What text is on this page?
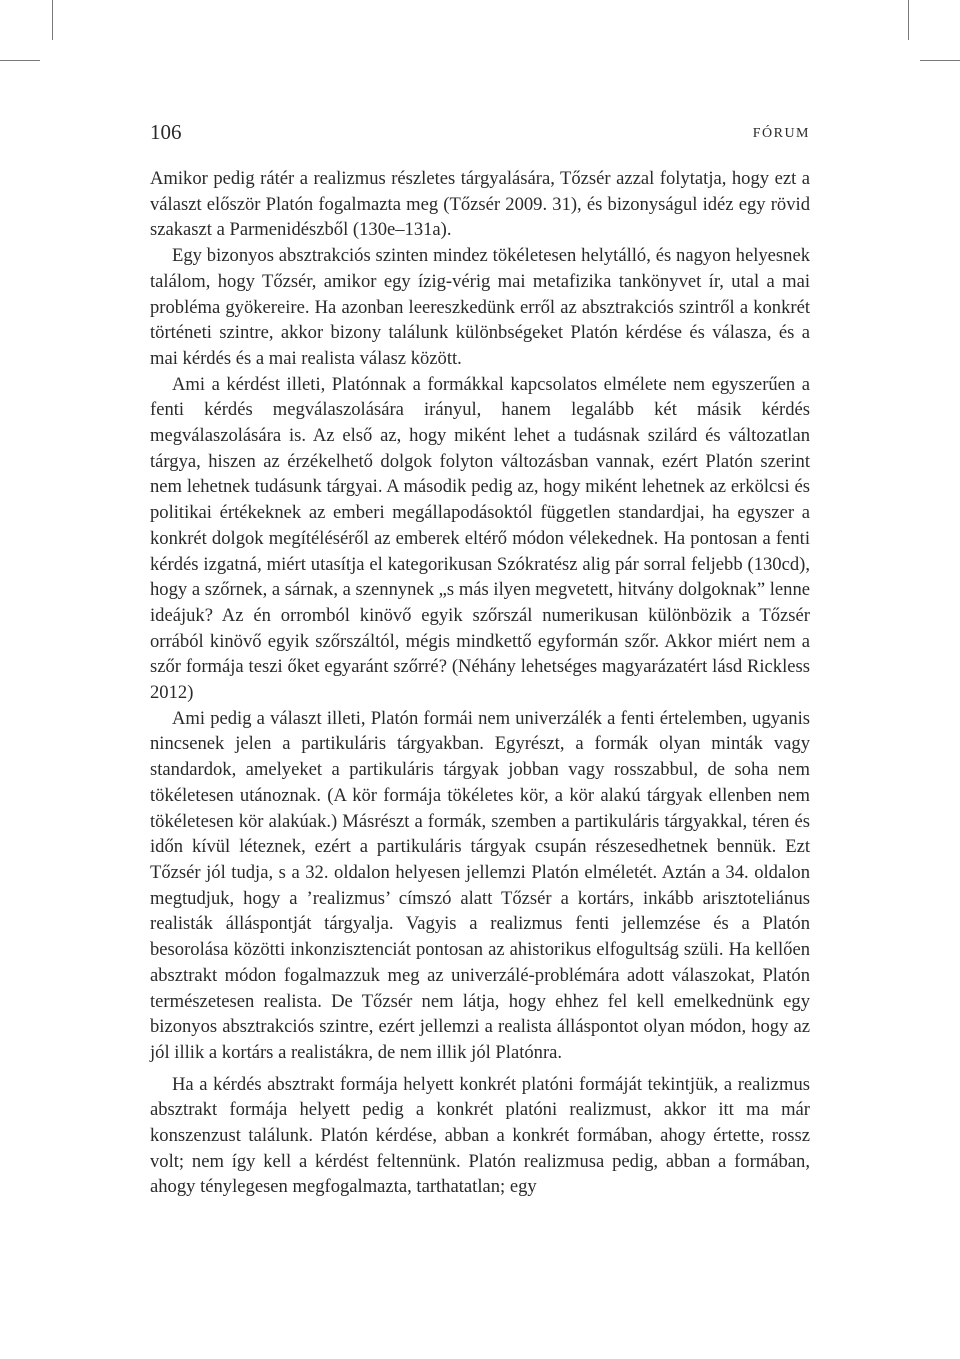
106	FÓRUM

Amikor pedig rátér a realizmus részletes tárgyalására, Tőzsér azzal folytatja, hogy ezt a választ először Platón fogalmazta meg (Tőzsér 2009. 31), és bizonyságul idéz egy rövid szakaszt a Parmenidészből (130e–131a).

Egy bizonyos absztrakciós szinten mindez tökéletesen helytálló, és nagyon helyesnek találom, hogy Tőzsér, amikor egy ízig-vérig mai metafizika tankönyvet ír, utal a mai probléma gyökereire. Ha azonban leereszkedünk erről az absztrakciós szintről a konkrét történeti szintre, akkor bizony találunk különbségeket Platón kérdése és válasza, és a mai kérdés és a mai realista válasz között.

Ami a kérdést illeti, Platónnak a formákkal kapcsolatos elmélete nem egyszerűen a fenti kérdés megválaszolására irányul, hanem legalább két másik kérdés megválaszolására is. Az első az, hogy miként lehet a tudásnak szilárd és változatlan tárgya, hiszen az érzékelhető dolgok folyton változásban vannak, ezért Platón szerint nem lehetnek tudásunk tárgyai. A második pedig az, hogy miként lehetnek az erkölcsi és politikai értékeknek az emberi megállapodásoktól független standardjai, ha egyszer a konkrét dolgok megítéléséről az emberek eltérő módon vélekednek. Ha pontosan a fenti kérdés izgatná, miért utasítja el kategorikusan Szókratész alig pár sorral feljebb (130cd), hogy a szőrnek, a sárnak, a szennynek „s más ilyen megvetett, hitvány dolgoknak” lenne ideájuk? Az én orromból kinövő egyik szőrszál numerikusan különbözik a Tőzsér orrából kinövő egyik szőrszáltól, mégis mindkettő egyformán szőr. Akkor miért nem a szőr formája teszi őket egyaránt szőrré? (Néhány lehetséges magyarázatért lásd Rickless 2012)

Ami pedig a választ illeti, Platón formái nem univerzálék a fenti értelemben, ugyanis nincsenek jelen a partikuláris tárgyakban. Egyrészt, a formák olyan minták vagy standardok, amelyeket a partikuláris tárgyak jobban vagy rosszabbul, de soha nem tökéletesen utánoznak. (A kör formája tökéletes kör, a kör alakú tárgyak ellenben nem tökéletesen kör alakúak.) Másrészt a formák, szemben a partikuláris tárgyakkal, téren és időn kívül léteznek, ezért a partikuláris tárgyak csupán részesedhetnek bennük. Ezt Tőzsér jól tudja, s a 32. oldalon helyesen jellemzi Platón elméletét. Aztán a 34. oldalon megtudjuk, hogy a ’realizmus’ címszó alatt Tőzsér a kortárs, inkább arisztoteliánus realisták álláspontját tárgyalja. Vagyis a realizmus fenti jellemzése és a Platón besorolása közötti inkonzisztenciát pontosan az ahistorikus elfogultság szüli. Ha kellően absztrakt módon fogalmazzuk meg az univerzálé-problémára adott válaszokat, Platón természetesen realista. De Tőzsér nem látja, hogy ehhez fel kell emelkednünk egy bizonyos absztrakciós szintre, ezért jellemzi a realista álláspontot olyan módon, hogy az jól illik a kortárs a realistákra, de nem illik jól Platónra.

Ha a kérdés absztrakt formája helyett konkrét platóni formáját tekintjük, a realizmus absztrakt formája helyett pedig a konkrét platóni realizmust, akkor itt ma már konszenzust találunk. Platón kérdése, abban a konkrét formában, ahogy értette, rossz volt; nem így kell a kérdést feltennünk. Platón realizmusa pedig, abban a formában, ahogy ténylegesen megfogalmazta, tarthatatlan; egy
